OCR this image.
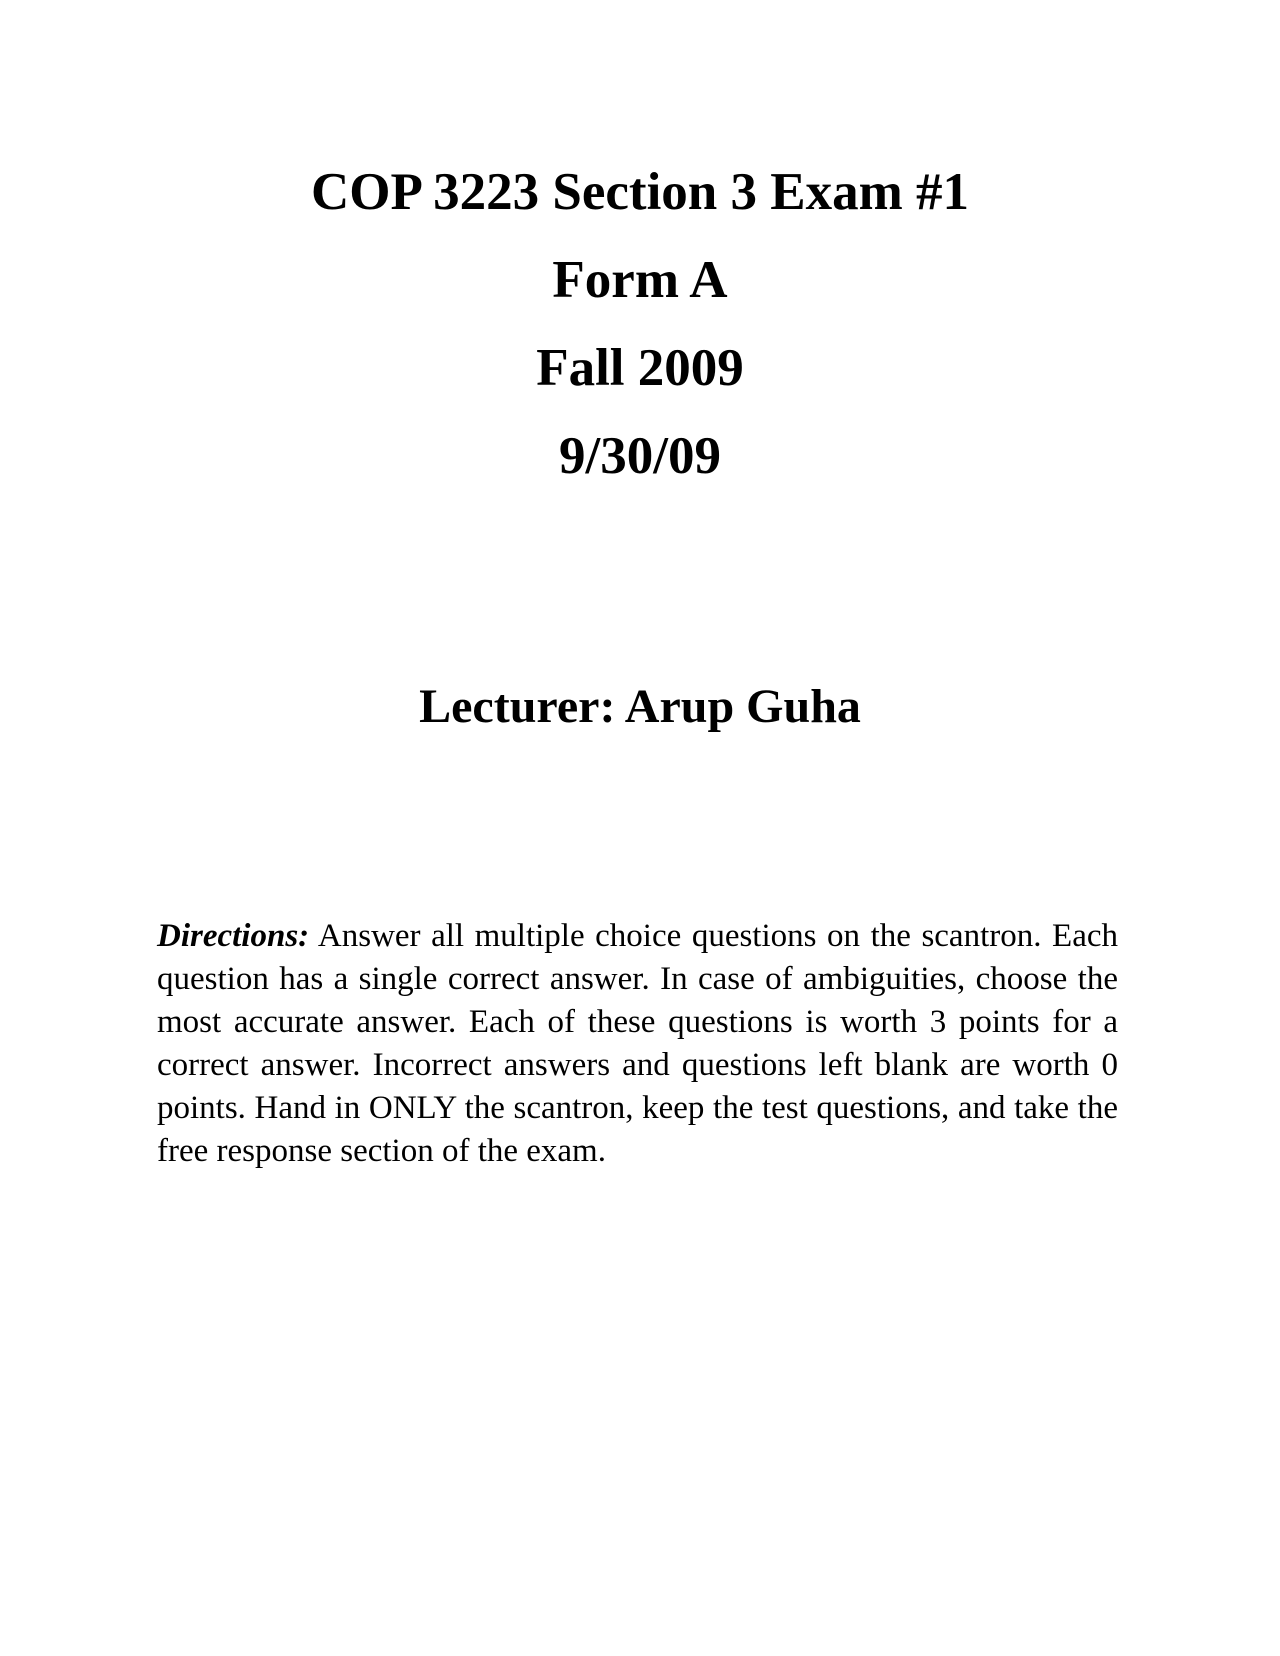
COP 3223 Section 3 Exam #1

Form A

Fall 2009

9/30/09

Lecturer: Arup Guha

Directions: Answer all multiple choice questions on the scantron. Each question has a single correct answer. In case of ambiguities, choose the most accurate answer. Each of these questions is worth 3 points for a correct answer. Incorrect answers and questions left blank are worth 0 points. Hand in ONLY the scantron, keep the test questions, and take the free response section of the exam.
